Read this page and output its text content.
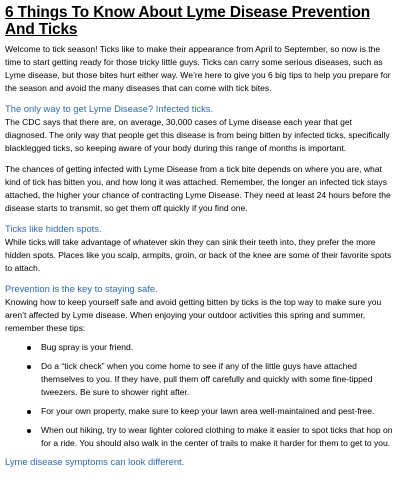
6 Things To Know About Lyme Disease Prevention And Ticks

Welcome to tick season! Ticks like to make their appearance from April to September, so now is the time to start getting ready for those tricky little guys. Ticks can carry some serious diseases, such as Lyme disease, but those bites hurt either way. We’re here to give you 6 big tips to help you prepare for the season and avoid the many diseases that can come with tick bites.

The only way to get Lyme Disease? Infected ticks.

The CDC says that there are, on average, 30,000 cases of Lyme disease each year that get diagnosed. The only way that people get this disease is from being bitten by infected ticks, specifically blacklegged ticks, so keeping aware of your body during this range of months is important.

The chances of getting infected with Lyme Disease from a tick bite depends on where you are, what kind of tick has bitten you, and how long it was attached. Remember, the longer an infected tick stays attached, the higher your chance of contracting Lyme Disease. They need at least 24 hours before the disease starts to transmit, so get them off quickly if you find one.

Ticks like hidden spots.

While ticks will take advantage of whatever skin they can sink their teeth into, they prefer the more hidden spots. Places like you scalp, armpits, groin, or back of the knee are some of their favorite spots to attach.

Prevention is the key to staying safe.

Knowing how to keep yourself safe and avoid getting bitten by ticks is the top way to make sure you aren’t affected by Lyme disease. When enjoying your outdoor activities this spring and summer, remember these tips:

Bug spray is your friend.
Do a “tick check” when you come home to see if any of the little guys have attached themselves to you. If they have, pull them off carefully and quickly with some fine-tipped tweezers. Be sure to shower right after.
For your own property, make sure to keep your lawn area well-maintained and pest-free.
When out hiking, try to wear lighter colored clothing to make it easier to spot ticks that hop on for a ride. You should also walk in the center of trails to make it harder for them to get to you.
Lyme disease symptoms can look different.
